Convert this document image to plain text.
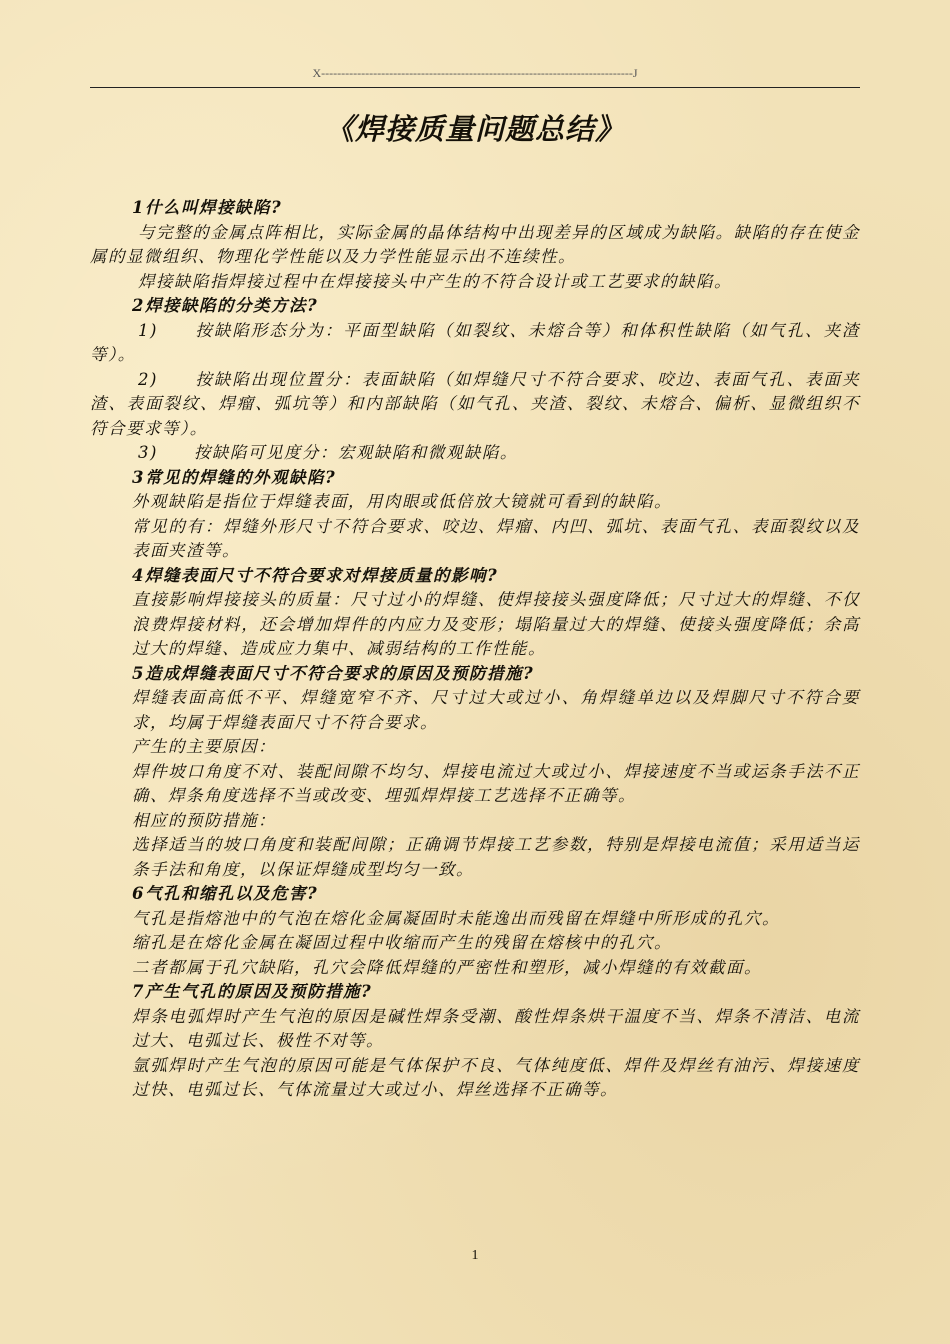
X------------------------------------------------------------------------------J
《焊接质量问题总结》

1什么叫焊接缺陷?

与完整的金属点阵相比，实际金属的晶体结构中出现差异的区域成为缺陷。缺陷的存在使金属的显微组织、物理化学性能以及力学性能显示出不连续性。

焊接缺陷指焊接过程中在焊接接头中产生的不符合设计或工艺要求的缺陷。

2焊接缺陷的分类方法?

1)　　按缺陷形态分为：平面型缺陷（如裂纹、未熔合等）和体积性缺陷（如气孔、夹渣等）。

2)　　按缺陷出现位置分：表面缺陷（如焊缝尺寸不符合要求、咬边、表面气孔、表面夹渣、表面裂纹、焊瘤、弧坑等）和内部缺陷（如气孔、夹渣、裂纹、未熔合、偏析、显微组织不符合要求等）。

3)　　按缺陷可见度分：宏观缺陷和微观缺陷。

3常见的焊缝的外观缺陷?

外观缺陷是指位于焊缝表面，用肉眼或低倍放大镜就可看到的缺陷。

常见的有：焊缝外形尺寸不符合要求、咬边、焊瘤、内凹、弧坑、表面气孔、表面裂纹以及表面夹渣等。

4焊缝表面尺寸不符合要求对焊接质量的影响?

直接影响焊接接头的质量：尺寸过小的焊缝、使焊接接头强度降低；尺寸过大的焊缝、不仅浪费焊接材料，还会增加焊件的内应力及变形；塌陷量过大的焊缝、使接头强度降低；余高过大的焊缝、造成应力集中、减弱结构的工作性能。

5造成焊缝表面尺寸不符合要求的原因及预防措施?

焊缝表面高低不平、焊缝宽窄不齐、尺寸过大或过小、角焊缝单边以及焊脚尺寸不符合要求，均属于焊缝表面尺寸不符合要求。

产生的主要原因：

焊件坡口角度不对、装配间隙不均匀、焊接电流过大或过小、焊接速度不当或运条手法不正确、焊条角度选择不当或改变、埋弧焊焊接工艺选择不正确等。

相应的预防措施：

选择适当的坡口角度和装配间隙；正确调节焊接工艺参数，特别是焊接电流值；采用适当运条手法和角度，以保证焊缝成型均匀一致。

6气孔和缩孔以及危害?

气孔是指熔池中的气泡在熔化金属凝固时未能逸出而残留在焊缝中所形成的孔穴。

缩孔是在熔化金属在凝固过程中收缩而产生的残留在熔核中的孔穴。

二者都属于孔穴缺陷，孔穴会降低焊缝的严密性和塑形，减小焊缝的有效截面。

7产生气孔的原因及预防措施?

焊条电弧焊时产生气泡的原因是碱性焊条受潮、酸性焊条烘干温度不当、焊条不清洁、电流过大、电弧过长、极性不对等。

氩弧焊时产生气泡的原因可能是气体保护不良、气体纯度低、焊件及焊丝有油污、焊接速度过快、电弧过长、气体流量过大或过小、焊丝选择不正确等。

1
